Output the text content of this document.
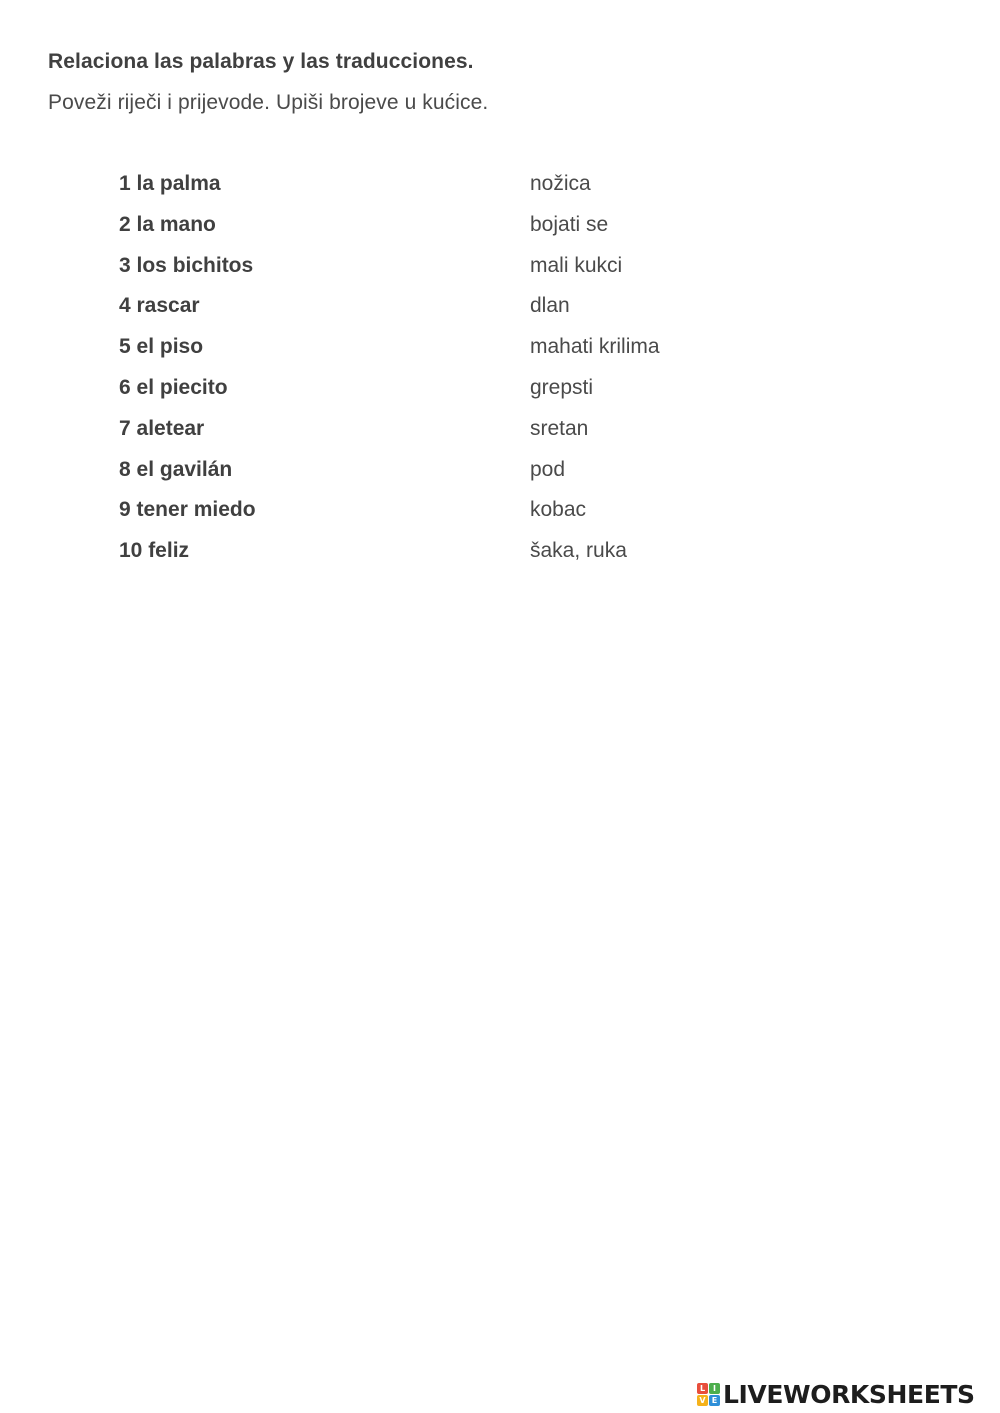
Relaciona las palabras y las traducciones.
Poveži riječi i prijevode. Upiši brojeve u kućice.
1 la palma	nožica
2 la mano	bojati se
3 los bichitos	mali kukci
4 rascar	dlan
5 el piso	mahati krilima
6 el piecito	grepsti
7 aletear	sretan
8 el gavilán	pod
9 tener miedo	kobac
10 feliz	šaka, ruka
L I
V E LIVEWORKSHEETS
